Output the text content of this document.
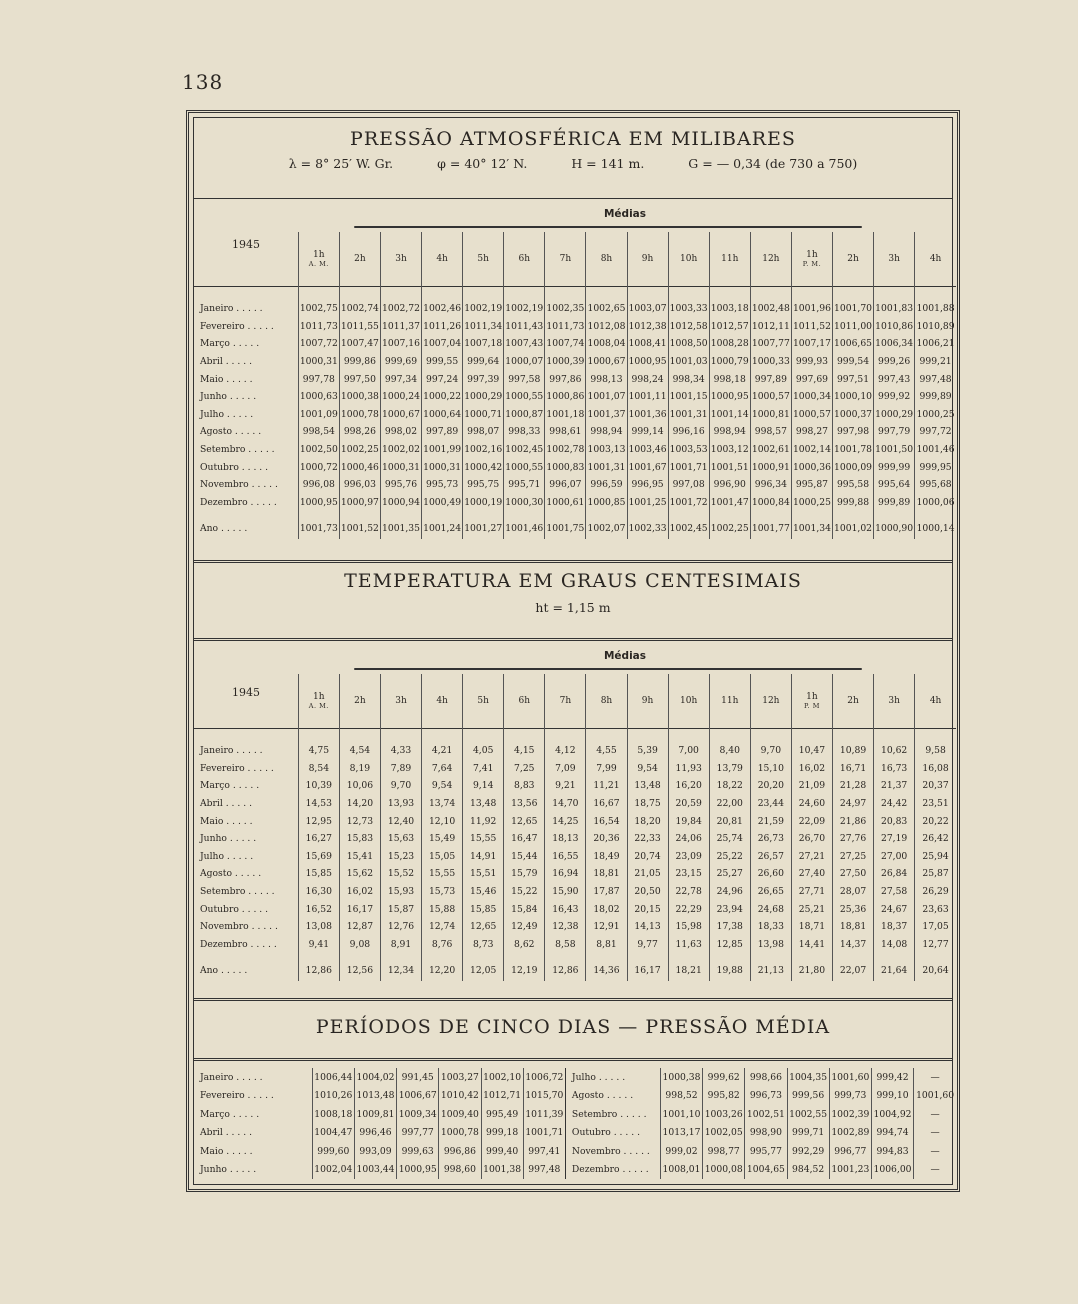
138

PRESSÃO ATMOSFÉRICA EM MILIBARES

λ = 8° 25′ W. Gr.	φ = 40° 12′ N.	H = 141 m.	G = — 0,34 (de 730 a 750)
1945
Médias
	1h
A. M.	2h	3h	4h	5h	6h	7h	8h	9h	10h	11h	12h	1h
P. M.	2h	3h	4h

Janeiro . . . . .	1002,75	1002,74	1002,72	1002,46	1002,19	1002,19	1002,35	1002,65	1003,07	1003,33	1003,18	1002,48	1001,96	1001,70	1001,83	1001,88
Fevereiro . . . . .	1011,73	1011,55	1011,37	1011,26	1011,34	1011,43	1011,73	1012,08	1012,38	1012,58	1012,57	1012,11	1011,52	1011,00	1010,86	1010,89
Março . . . . .	1007,72	1007,47	1007,16	1007,04	1007,18	1007,43	1007,74	1008,04	1008,41	1008,50	1008,28	1007,77	1007,17	1006,65	1006,34	1006,21
Abril . . . . .	1000,31	999,86	999,69	999,55	999,64	1000,07	1000,39	1000,67	1000,95	1001,03	1000,79	1000,33	999,93	999,54	999,26	999,21
Maio . . . . .	997,78	997,50	997,34	997,24	997,39	997,58	997,86	998,13	998,24	998,34	998,18	997,89	997,69	997,51	997,43	997,48
Junho . . . . .	1000,63	1000,38	1000,24	1000,22	1000,29	1000,55	1000,86	1001,07	1001,11	1001,15	1000,95	1000,57	1000,34	1000,10	999,92	999,89
Julho . . . . .	1001,09	1000,78	1000,67	1000,64	1000,71	1000,87	1001,18	1001,37	1001,36	1001,31	1001,14	1000,81	1000,57	1000,37	1000,29	1000,25
Agosto . . . . .	998,54	998,26	998,02	997,89	998,07	998,33	998,61	998,94	999,14	996,16	998,94	998,57	998,27	997,98	997,79	997,72
Setembro . . . . .	1002,50	1002,25	1002,02	1001,99	1002,16	1002,45	1002,78	1003,13	1003,46	1003,53	1003,12	1002,61	1002,14	1001,78	1001,50	1001,46
Outubro . . . . .	1000,72	1000,46	1000,31	1000,31	1000,42	1000,55	1000,83	1001,31	1001,67	1001,71	1001,51	1000,91	1000,36	1000,09	999,99	999,95
Novembro . . . . .	996,08	996,03	995,76	995,73	995,75	995,71	996,07	996,59	996,95	997,08	996,90	996,34	995,87	995,58	995,64	995,68
Dezembro . . . . .	1000,95	1000,97	1000,94	1000,49	1000,19	1000,30	1000,61	1000,85	1001,25	1001,72	1001,47	1000,84	1000,25	999,88	999,89	1000,06

Ano . . . . .	1001,73	1001,52	1001,35	1001,24	1001,27	1001,46	1001,75	1002,07	1002,33	1002,45	1002,25	1001,77	1001,34	1001,02	1000,90	1000,14

TEMPERATURA EM GRAUS CENTESIMAIS

ht = 1,15 m
1945
Médias
	1h
A. M.	2h	3h	4h	5h	6h	7h	8h	9h	10h	11h	12h	1h
P. M	2h	3h	4h

Janeiro . . . . .	4,75	4,54	4,33	4,21	4,05	4,15	4,12	4,55	5,39	7,00	8,40	9,70	10,47	10,89	10,62	9,58
Fevereiro . . . . .	8,54	8,19	7,89	7,64	7,41	7,25	7,09	7,99	9,54	11,93	13,79	15,10	16,02	16,71	16,73	16,08
Março . . . . .	10,39	10,06	9,70	9,54	9,14	8,83	9,21	11,21	13,48	16,20	18,22	20,20	21,09	21,28	21,37	20,37
Abril . . . . .	14,53	14,20	13,93	13,74	13,48	13,56	14,70	16,67	18,75	20,59	22,00	23,44	24,60	24,97	24,42	23,51
Maio . . . . .	12,95	12,73	12,40	12,10	11,92	12,65	14,25	16,54	18,20	19,84	20,81	21,59	22,09	21,86	20,83	20,22
Junho . . . . .	16,27	15,83	15,63	15,49	15,55	16,47	18,13	20,36	22,33	24,06	25,74	26,73	26,70	27,76	27,19	26,42
Julho . . . . .	15,69	15,41	15,23	15,05	14,91	15,44	16,55	18,49	20,74	23,09	25,22	26,57	27,21	27,25	27,00	25,94
Agosto . . . . .	15,85	15,62	15,52	15,55	15,51	15,79	16,94	18,81	21,05	23,15	25,27	26,60	27,40	27,50	26,84	25,87
Setembro . . . . .	16,30	16,02	15,93	15,73	15,46	15,22	15,90	17,87	20,50	22,78	24,96	26,65	27,71	28,07	27,58	26,29
Outubro . . . . .	16,52	16,17	15,87	15,88	15,85	15,84	16,43	18,02	20,15	22,29	23,94	24,68	25,21	25,36	24,67	23,63
Novembro . . . . .	13,08	12,87	12,76	12,74	12,65	12,49	12,38	12,91	14,13	15,98	17,38	18,33	18,71	18,81	18,37	17,05
Dezembro . . . . .	9,41	9,08	8,91	8,76	8,73	8,62	8,58	8,81	9,77	11,63	12,85	13,98	14,41	14,37	14,08	12,77

Ano . . . . .	12,86	12,56	12,34	12,20	12,05	12,19	12,86	14,36	16,17	18,21	19,88	21,13	21,80	22,07	21,64	20,64

PERÍODOS DE CINCO DIAS — PRESSÃO MÉDIA

Janeiro . . . . .	1006,44	1004,02	991,45	1003,27	1002,10	1006,72	Julho . . . . .	1000,38	999,62	998,66	1004,35	1001,60	999,42	—
Fevereiro . . . . .	1010,26	1013,48	1006,67	1010,42	1012,71	1015,70	Agosto . . . . .	998,52	995,82	996,73	999,56	999,73	999,10	1001,60
Março . . . . .	1008,18	1009,81	1009,34	1009,40	995,49	1011,39	Setembro . . . . .	1001,10	1003,26	1002,51	1002,55	1002,39	1004,92	—
Abril . . . . .	1004,47	996,46	997,77	1000,78	999,18	1001,71	Outubro . . . . .	1013,17	1002,05	998,90	999,71	1002,89	994,74	—
Maio . . . . .	999,60	993,09	999,63	996,86	999,40	997,41	Novembro . . . . .	999,02	998,77	995,77	992,29	996,77	994,83	—
Junho . . . . .	1002,04	1003,44	1000,95	998,60	1001,38	997,48	Dezembro . . . . .	1008,01	1000,08	1004,65	984,52	1001,23	1006,00	—
